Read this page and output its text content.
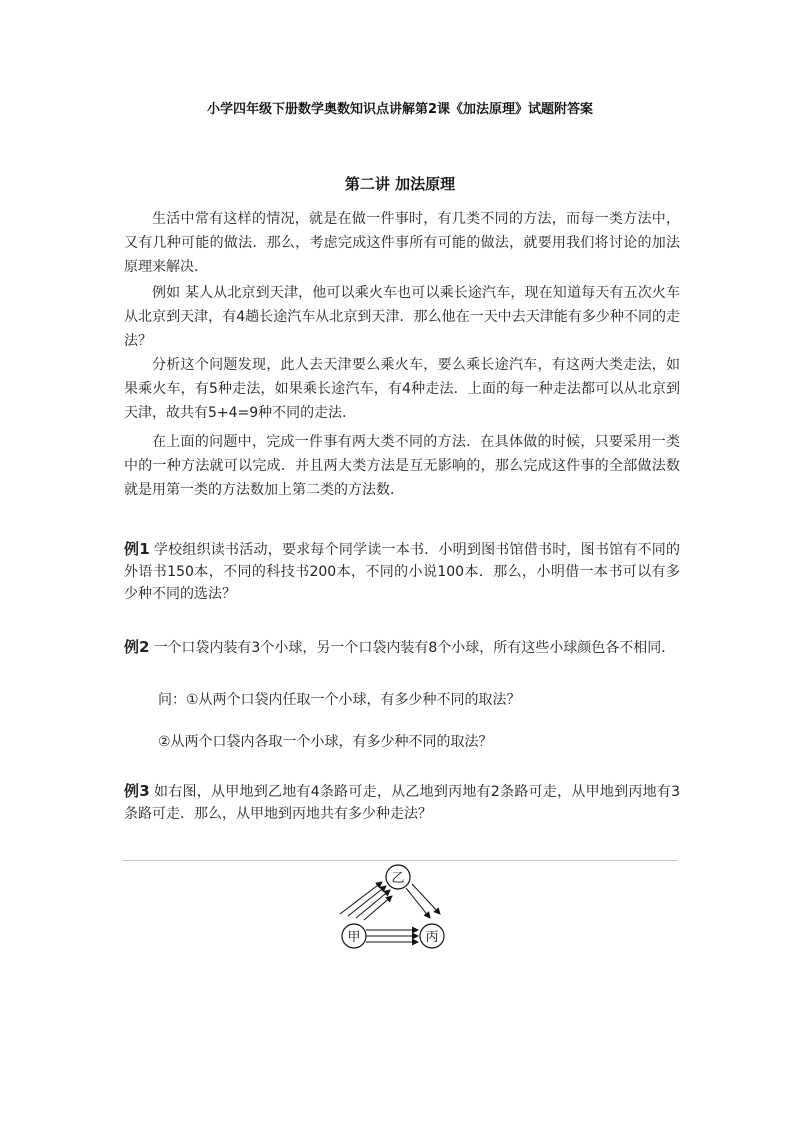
小学四年级下册数学奥数知识点讲解第2课《加法原理》试题附答案
第二讲 加法原理

生活中常有这样的情况，就是在做一件事时，有几类不同的方法，而每一类方法中，又有几种可能的做法．那么，考虑完成这件事所有可能的做法，就要用我们将讨论的加法原理来解决．

例如 某人从北京到天津，他可以乘火车也可以乘长途汽车，现在知道每天有五次火车从北京到天津，有4趟长途汽车从北京到天津．那么他在一天中去天津能有多少种不同的走法？

分析这个问题发现，此人去天津要么乘火车，要么乘长途汽车，有这两大类走法，如果乘火车，有5种走法，如果乘长途汽车，有4种走法．上面的每一种走法都可以从北京到天津，故共有5+4=9种不同的走法．

在上面的问题中，完成一件事有两大类不同的方法．在具体做的时候，只要采用一类中的一种方法就可以完成．并且两大类方法是互无影响的，那么完成这件事的全部做法数就是用第一类的方法数加上第二类的方法数．

例1 学校组织读书活动，要求每个同学读一本书．小明到图书馆借书时，图书馆有不同的外语书150本，不同的科技书200本，不同的小说100本．那么，小明借一本书可以有多少种不同的选法？

例2 一个口袋内装有3个小球，另一个口袋内装有8个小球，所有这些小球颜色各不相同．

问：①从两个口袋内任取一个小球，有多少种不同的取法？

②从两个口袋内各取一个小球，有多少种不同的取法？

例3 如右图，从甲地到乙地有4条路可走，从乙地到丙地有2条路可走，从甲地到丙地有3条路可走．那么，从甲地到丙地共有多少种走法？

乙
甲	丙
